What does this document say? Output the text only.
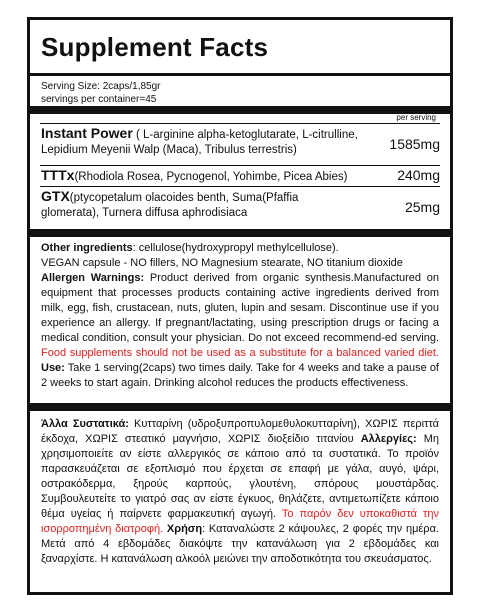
Supplement Facts
Serving Size: 2caps/1,85gr
servings per container=45
per serving
Instant Power ( L-arginine alpha-ketoglutarate, L-citrulline,
Lepidium Meyenii Walp (Maca), Tribulus terrestris)	1585mg
TTTx(Rhodiola Rosea, Pycnogenol, Yohimbe, Picea Abies)	240mg
GTX(ptycopetalum olacoides benth, Suma(Pfaffia
glomerata), Turnera diffusa aphrodisiaca	25mg
Other ingredients: cellulose(hydroxypropyl methylcellulose).
VEGAN capsule - NO fillers, NO Magnesium stearate, NO titanium dioxide
Allergen Warnings: Product derived from organic synthesis.Manufactured on equipment that processes products containing active ingredients derived from milk, egg, fish, crustacean, nuts, gluten, lupin and sesam. Discontinue use if you experience an allergy. If pregnant/lactating, using prescription drugs or facing a medical condition, consult your physician. Do not exceed recommend-ed serving. Food supplements should not be used as a substitute for a balanced varied diet. Use: Take 1 serving(2caps) two times daily. Take for 4 weeks and take a pause of 2 weeks to start again. Drinking alcohol reduces the products effectiveness.
Άλλα Συστατικά: Κυτταρίνη (υδροξυπροπυλομεθυλοκυτταρίνη), ΧΩΡΙΣ περιττά έκδοχα, ΧΩΡΙΣ στεατικό μαγνήσιο, ΧΩΡΙΣ διοξείδιο τιτανίου Αλλεργίες: Μη χρησιμοποιείτε αν είστε αλλεργικός σε κάποιο από τα συστατικά. Το προϊόν παρασκευάζεται σε εξοπλισμό που έρχεται σε επαφή με γάλα, αυγό, ψάρι, οστρακόδερμα, ξηρούς καρπούς, γλουτένη, σπόρους μουστάρδας. Συμβουλευτείτε το γιατρό σας αν είστε έγκυος, θηλάζετε, αντιμετωπίζετε κάποιο θέμα υγείας ή παίρνετε φαρμακευτική αγωγή. Το παρόν δεν υποκαθιστά την ισορροπημένη διατροφή. Χρήση: Καταναλώστε 2 κάψουλες, 2 φορές την ημέρα. Μετά από 4 εβδομάδες διακόψτε την κατανάλωση για 2 εβδομάδες και ξαναρχίστε. Η κατανάλωση αλκοόλ μειώνει την αποδοτικότητα του σκευάσματος.
